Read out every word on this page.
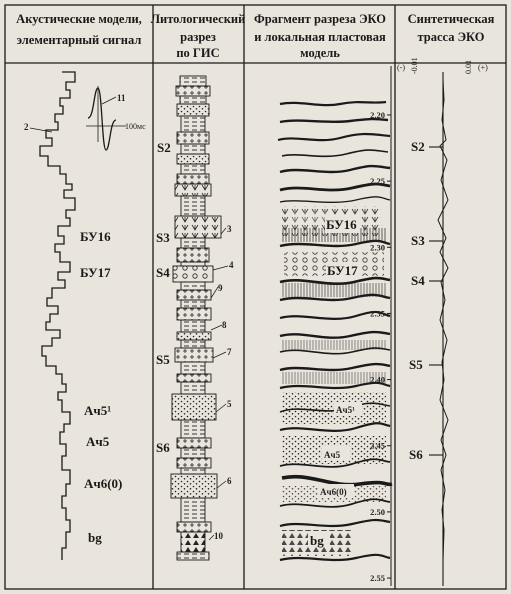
Акустические модели,
элементарный сигнал
Литологический
разрез
по ГИС
Фрагмент разреза ЭКО
и локальная пластовая
модель
Синтетическая
трасса ЭКО
(-)	(+)
-0.01	0.01
11
2	100мс
БУ16
БУ17
Ач5¹
Ач5
Ач6(0)
bg
S2
S3
S4
S5
S6
3
4
9
8
7
5
6
10
БУ16
БУ17
Ач5¹
Ач5
Ач6(0)
bg
2.20
2.25
2.30
2.35
2.40
2.45
2.50
2.55
S2
S3
S4
S5
S6
